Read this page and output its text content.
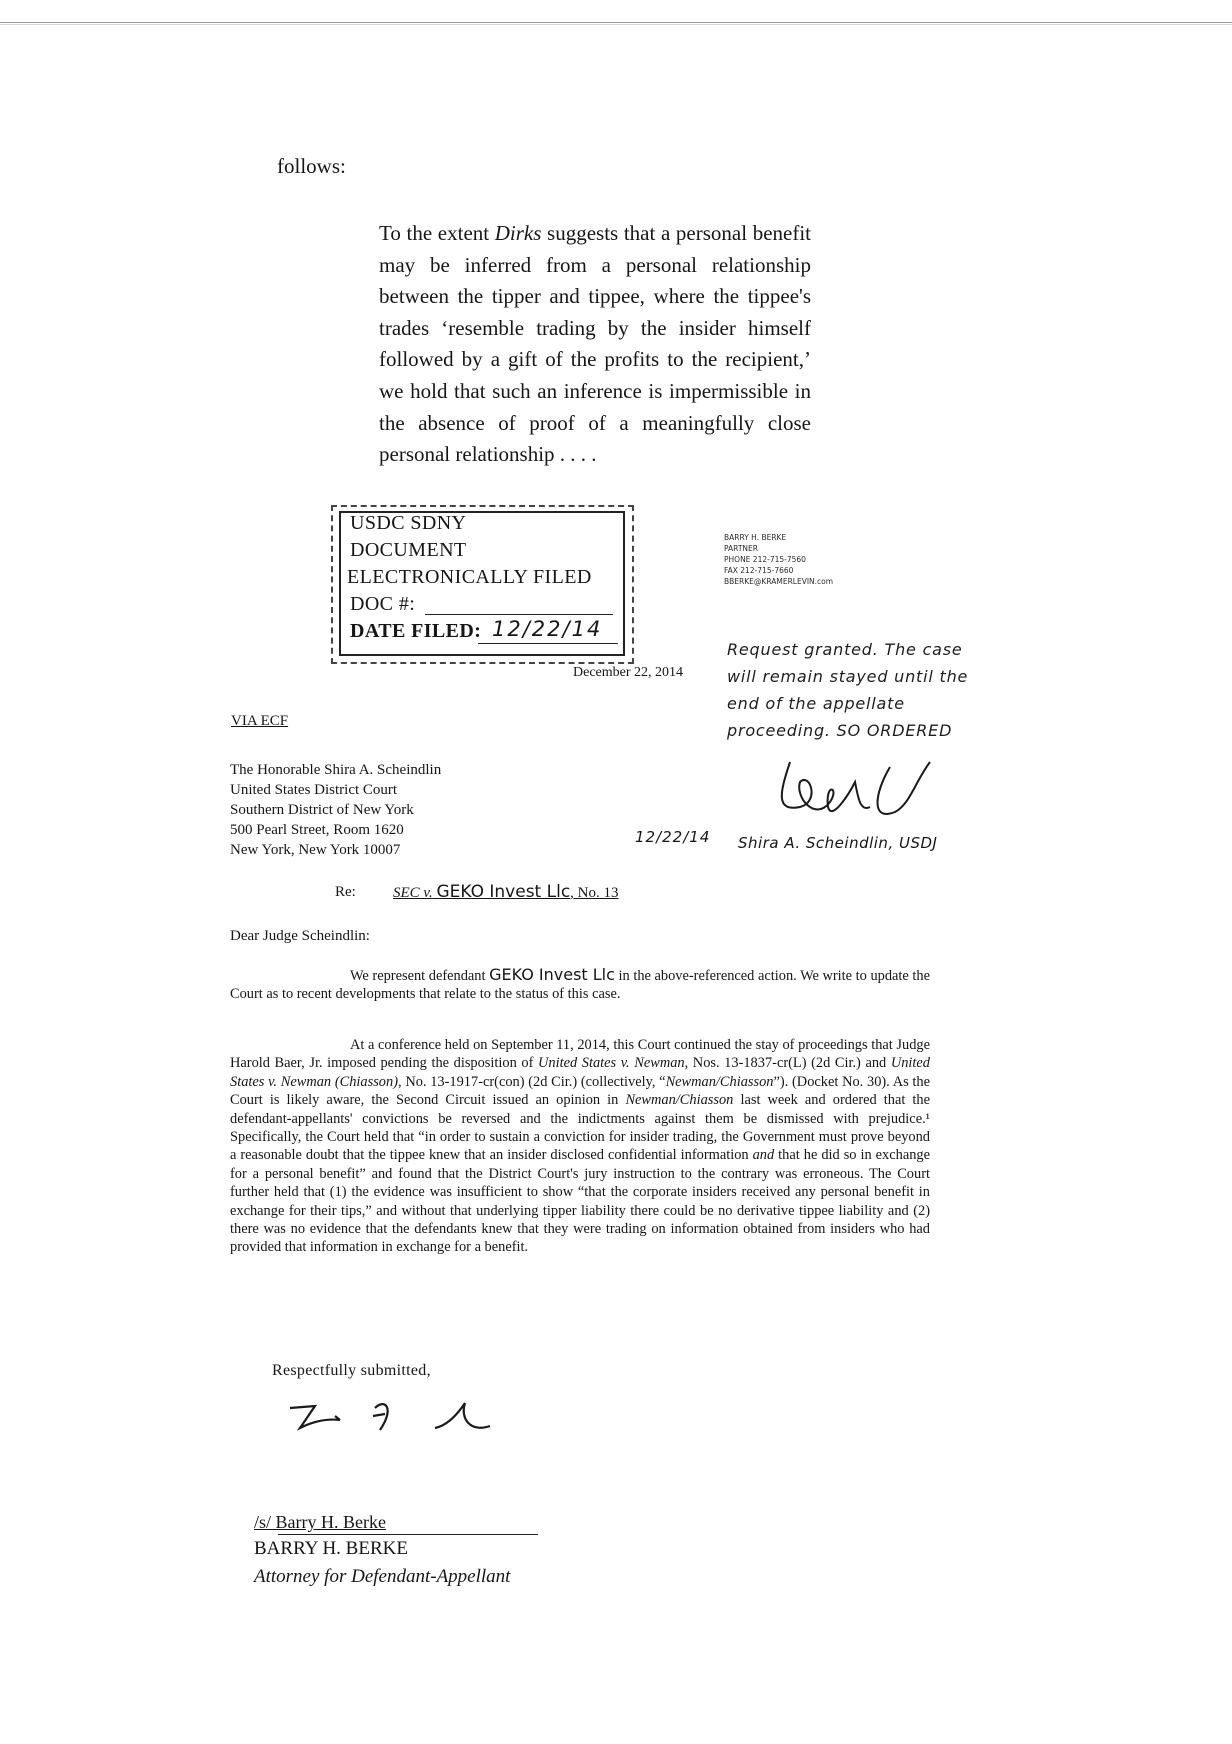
follows:

To the extent Dirks suggests that a personal benefit may be inferred from a personal relationship between the tipper and tippee, where the tippee's trades ‘resemble trading by the insider himself followed by a gift of the profits to the recipient,’ we hold that such an inference is impermissible in the absence of proof of a meaningfully close personal relationship . . . .

USDC SDNY
DOCUMENT
ELECTRONICALLY FILED
DOC #:
DATE FILED: 12/22/14
BARRY H. BERKE
PARTNER
PHONE 212-715-7560
FAX 212-715-7660
BBERKE@KRAMERLEVIN.com
December 22, 2014
Request granted. The case
will remain stayed until the
end of the appellate
proceeding. SO ORDERED
12/22/14 Shira A. Scheindlin, USDJ
VIA ECF
The Honorable Shira A. Scheindlin
United States District Court
Southern District of New York
500 Pearl Street, Room 1620
New York, New York 10007
Re: SEC v. GEKO Invest Llc, No. 13
Dear Judge Scheindlin:
We represent defendant GEKO Invest Llc in the above-referenced action. We write to update the Court as to recent developments that relate to the status of this case.
At a conference held on September 11, 2014, this Court continued the stay of proceedings that Judge Harold Baer, Jr. imposed pending the disposition of United States v. Newman, Nos. 13-1837-cr(L) (2d Cir.) and United States v. Newman (Chiasson), No. 13-1917-cr(con) (2d Cir.) (collectively, “Newman/Chiasson”). (Docket No. 30). As the Court is likely aware, the Second Circuit issued an opinion in Newman/Chiasson last week and ordered that the defendant-appellants' convictions be reversed and the indictments against them be dismissed with prejudice.¹ Specifically, the Court held that “in order to sustain a conviction for insider trading, the Government must prove beyond a reasonable doubt that the tippee knew that an insider disclosed confidential information and that he did so in exchange for a personal benefit” and found that the District Court's jury instruction to the contrary was erroneous. The Court further held that (1) the evidence was insufficient to show “that the corporate insiders received any personal benefit in exchange for their tips,” and without that underlying tipper liability there could be no derivative tippee liability and (2) there was no evidence that the defendants knew that they were trading on information obtained from insiders who had provided that information in exchange for a benefit.
Respectfully submitted,
/s/ Barry H. Berke
BARRY H. BERKE
Attorney for Defendant-Appellant
